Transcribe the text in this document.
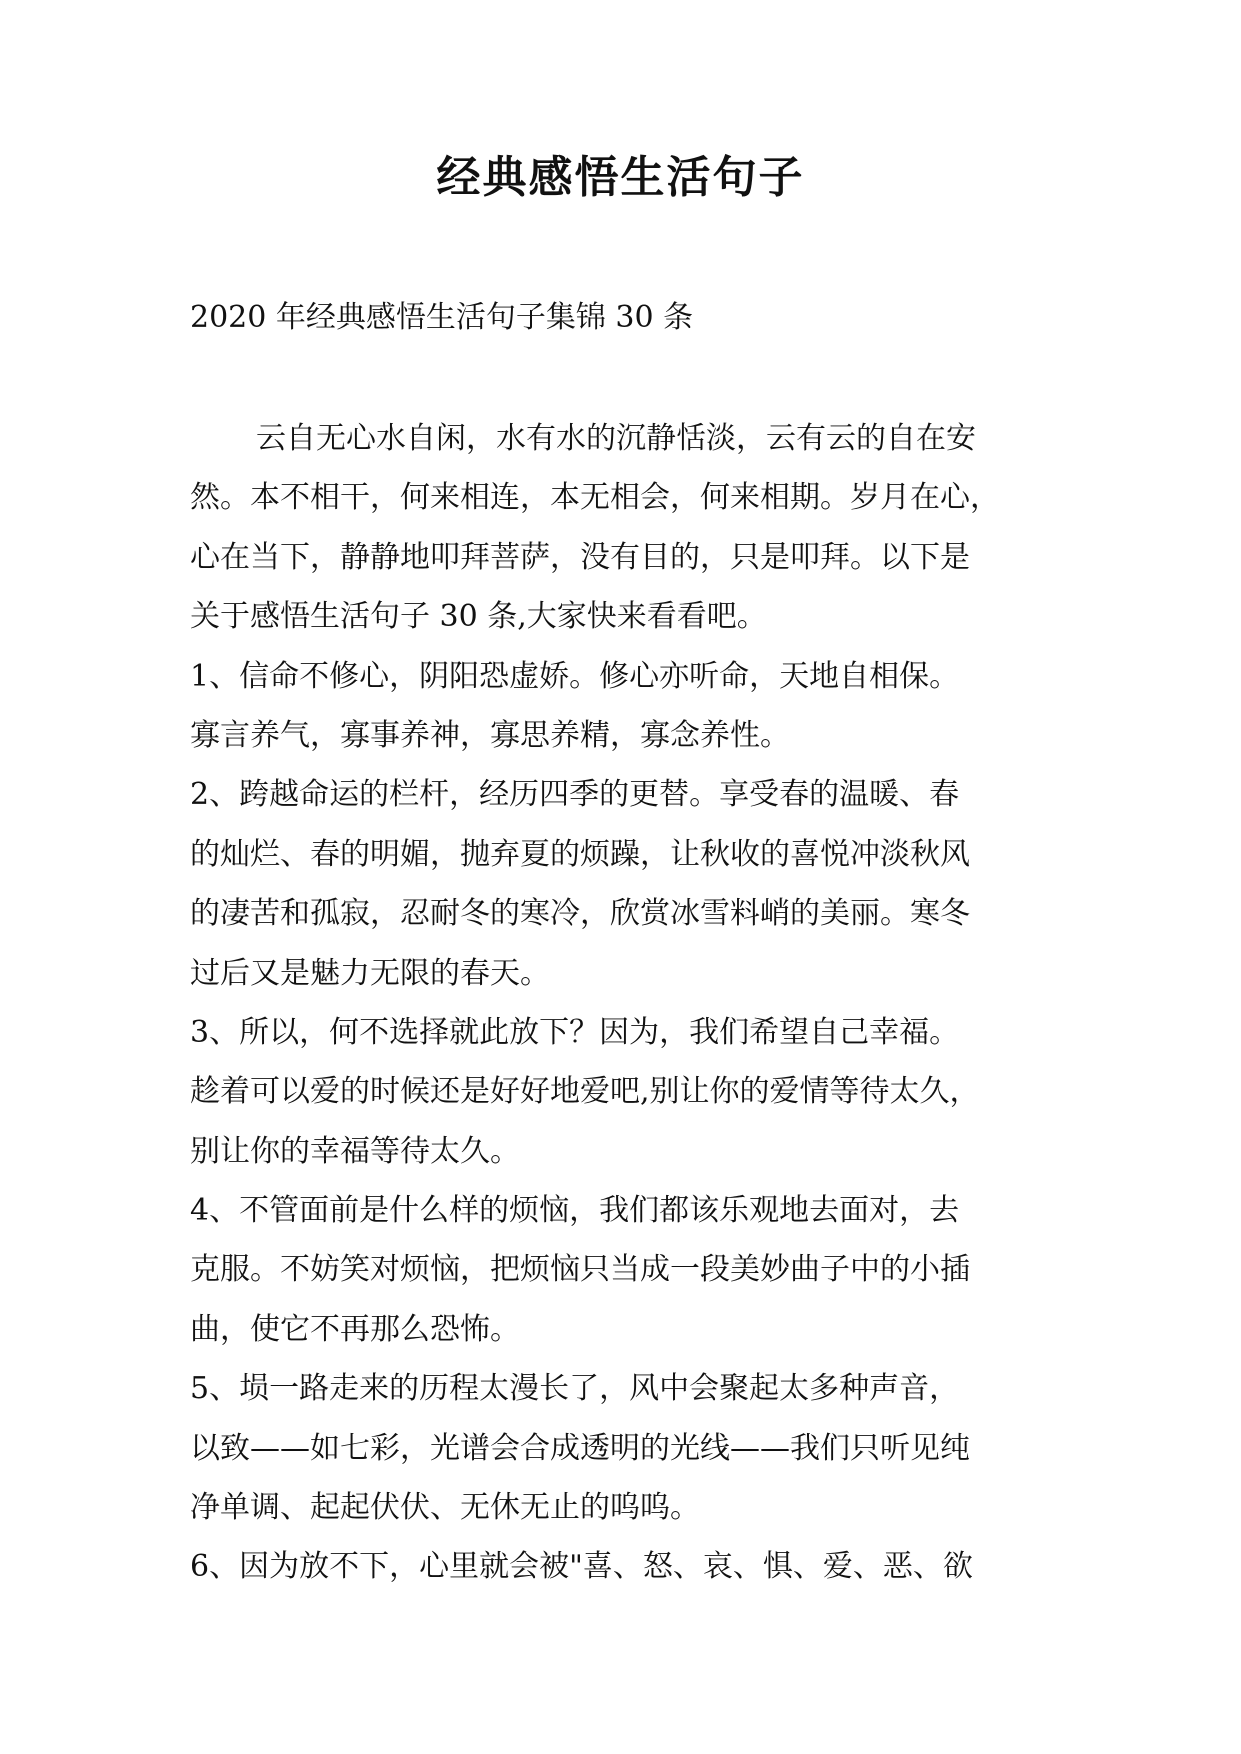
经典感悟生活句子
2020 年经典感悟生活句子集锦 30 条
云自无心水自闲，水有水的沉静恬淡，云有云的自在安
然。本不相干，何来相连，本无相会，何来相期。岁月在心，
心在当下，静静地叩拜菩萨，没有目的，只是叩拜。以下是
关于感悟生活句子 30 条,大家快来看看吧。
1、信命不修心，阴阳恐虚娇。修心亦听命，天地自相保。
寡言养气，寡事养神，寡思养精，寡念养性。
2、跨越命运的栏杆，经历四季的更替。享受春的温暖、春
的灿烂、春的明媚，抛弃夏的烦躁，让秋收的喜悦冲淡秋风
的凄苦和孤寂，忍耐冬的寒冷，欣赏冰雪料峭的美丽。寒冬
过后又是魅力无限的春天。
3、所以，何不选择就此放下？因为，我们希望自己幸福。
趁着可以爱的时候还是好好地爱吧,别让你的爱情等待太久，
别让你的幸福等待太久。
4、不管面前是什么样的烦恼，我们都该乐观地去面对，去
克服。不妨笑对烦恼，把烦恼只当成一段美妙曲子中的小插
曲，使它不再那么恐怖。
5、埙一路走来的历程太漫长了，风中会聚起太多种声音，
以致——如七彩，光谱会合成透明的光线——我们只听见纯
净单调、起起伏伏、无休无止的呜呜。
6、因为放不下，心里就会被"喜、怒、哀、惧、爱、恶、欲
